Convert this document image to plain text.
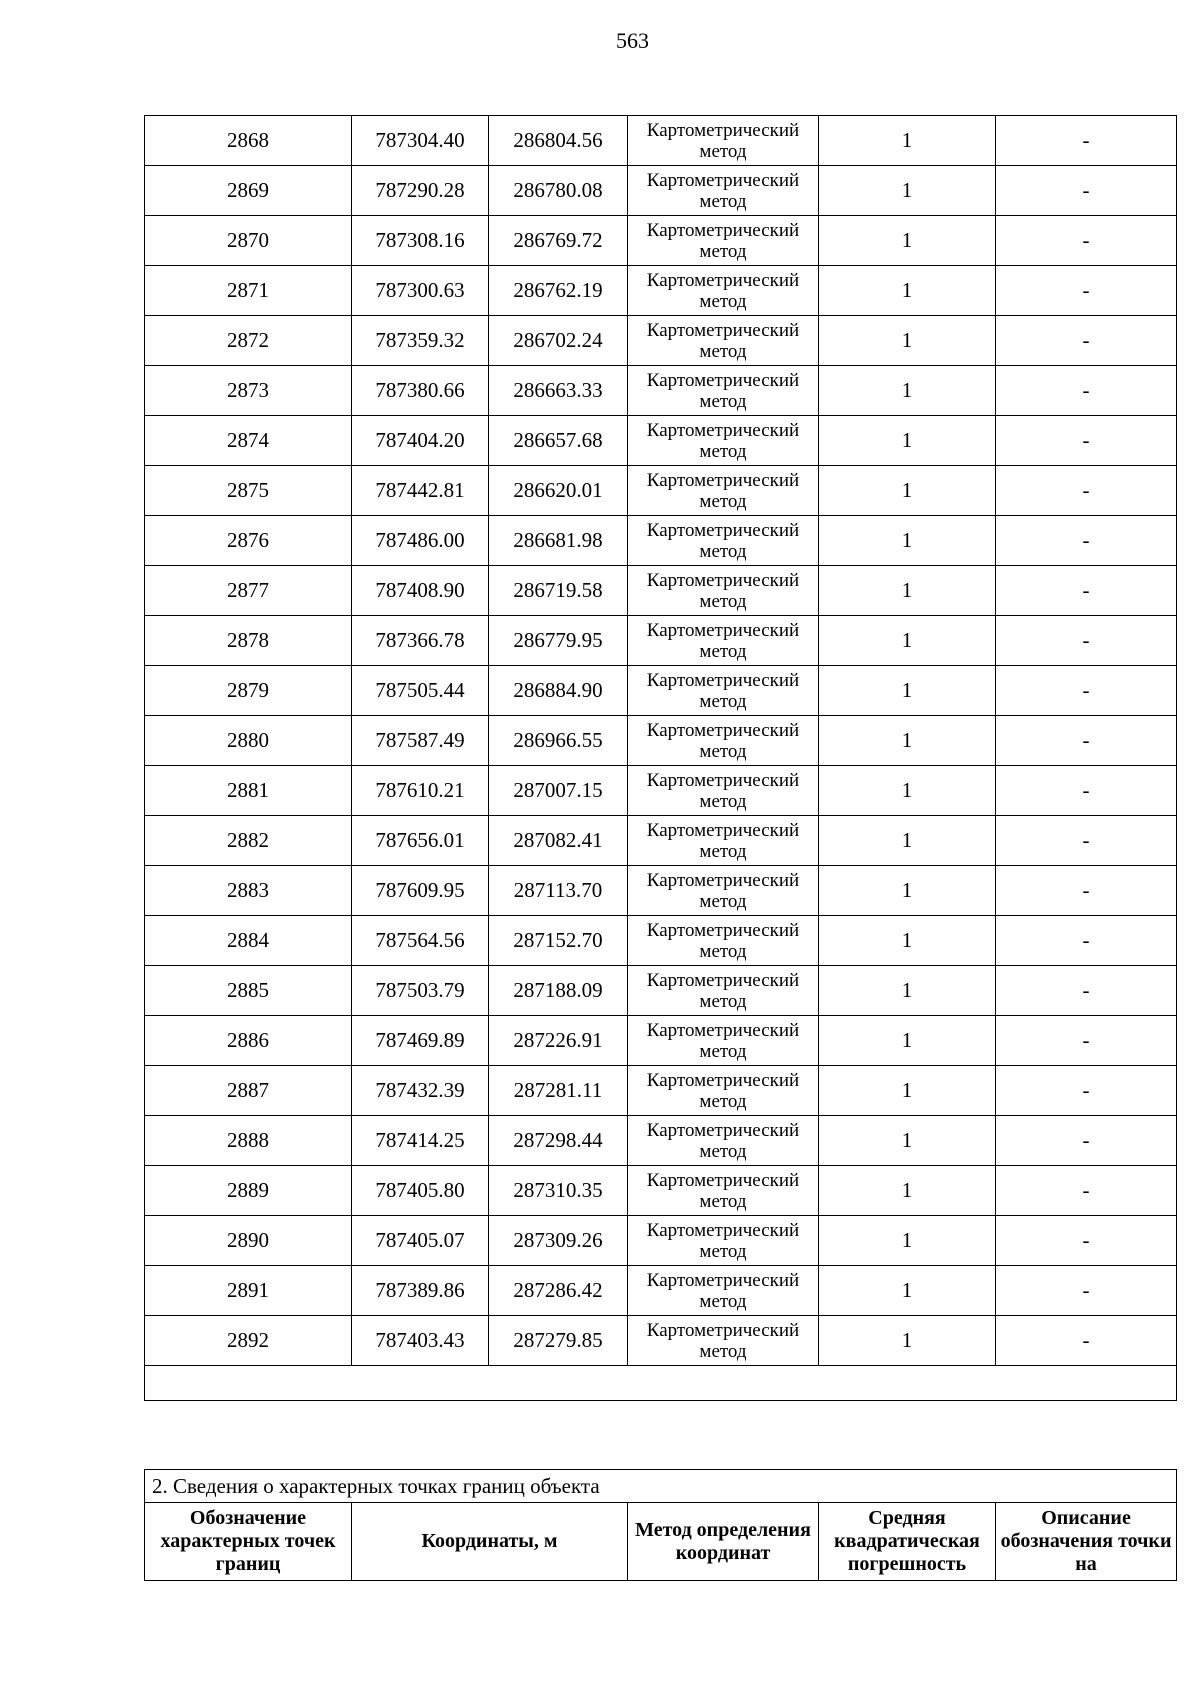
563
2868	787304.40	286804.56	Картометрический метод	1	-
2869	787290.28	286780.08	Картометрический метод	1	-
2870	787308.16	286769.72	Картометрический метод	1	-
2871	787300.63	286762.19	Картометрический метод	1	-
2872	787359.32	286702.24	Картометрический метод	1	-
2873	787380.66	286663.33	Картометрический метод	1	-
2874	787404.20	286657.68	Картометрический метод	1	-
2875	787442.81	286620.01	Картометрический метод	1	-
2876	787486.00	286681.98	Картометрический метод	1	-
2877	787408.90	286719.58	Картометрический метод	1	-
2878	787366.78	286779.95	Картометрический метод	1	-
2879	787505.44	286884.90	Картометрический метод	1	-
2880	787587.49	286966.55	Картометрический метод	1	-
2881	787610.21	287007.15	Картометрический метод	1	-
2882	787656.01	287082.41	Картометрический метод	1	-
2883	787609.95	287113.70	Картометрический метод	1	-
2884	787564.56	287152.70	Картометрический метод	1	-
2885	787503.79	287188.09	Картометрический метод	1	-
2886	787469.89	287226.91	Картометрический метод	1	-
2887	787432.39	287281.11	Картометрический метод	1	-
2888	787414.25	287298.44	Картометрический метод	1	-
2889	787405.80	287310.35	Картометрический метод	1	-
2890	787405.07	287309.26	Картометрический метод	1	-
2891	787389.86	287286.42	Картометрический метод	1	-
2892	787403.43	287279.85	Картометрический метод	1	-

2. Сведения о характерных точках границ объекта
Обозначение характерных точек границ	Координаты, м	Метод определения координат	Средняя квадратическая погрешность	Описание обозначения точки на
